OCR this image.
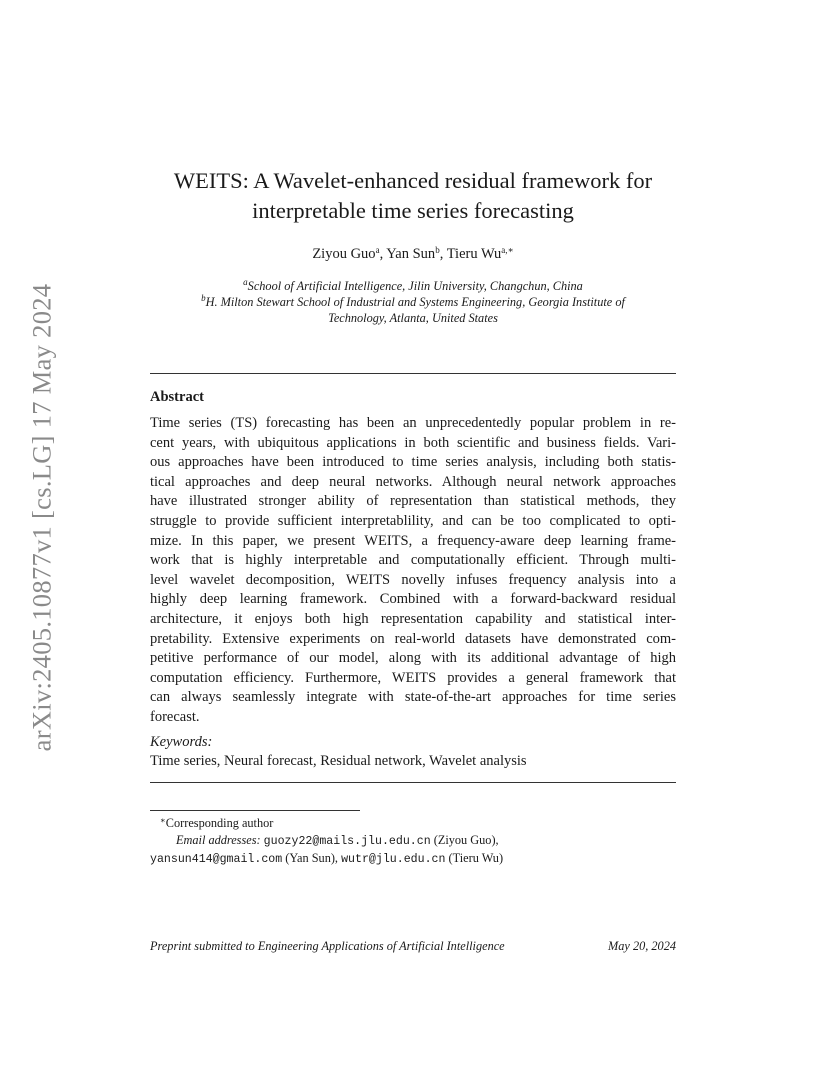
arXiv:2405.10877v1 [cs.LG] 17 May 2024
WEITS: A Wavelet-enhanced residual framework for
interpretable time series forecasting
Ziyou Guo$^a$, Yan Sun$^b$, Tieru $Wu^{a,∗}$
$^a$School of Artificial Intelligence, Jilin University, Changchun, China
$^b$H. Milton Stewart School of Industrial and Systems Engineering, Georgia Institute of
Technology, Atlanta, United States
Abstract
Time series (TS) forecasting has been an unprecedentedly popular problem in re-
cent years, with ubiquitous applications in both scientific and business fields. Vari-
ous approaches have been introduced to time series analysis, including both statis-
tical approaches and deep neural networks. Although neural network approaches
have illustrated stronger ability of representation than statistical methods, they
struggle to provide sufficient interpretablility, and can be too complicated to opti-
mize. In this paper, we present WEITS, a frequency-aware deep learning frame-
work that is highly interpretable and computationally efficient. Through multi-
level wavelet decomposition, WEITS novelly infuses frequency analysis into a
highly deep learning framework. Combined with a forward-backward residual
architecture, it enjoys both high representation capability and statistical inter-
pretability. Extensive experiments on real-world datasets have demonstrated com-
petitive performance of our model, along with its additional advantage of high
computation efficiency. Furthermore, WEITS provides a general framework that
can always seamlessly integrate with state-of-the-art approaches for time series
forecast.
Keywords:
Time series, Neural forecast, Residual network, Wavelet analysis
∗Corresponding author
Email addresses: guozy22@mails.jlu.edu.cn (Ziyou Guo),
yansun414@gmail.com (Yan Sun), wutr@jlu.edu.cn (Tieru Wu)
Preprint submitted to Engineering Applications of Artificial Intelligence	May 20, 2024
